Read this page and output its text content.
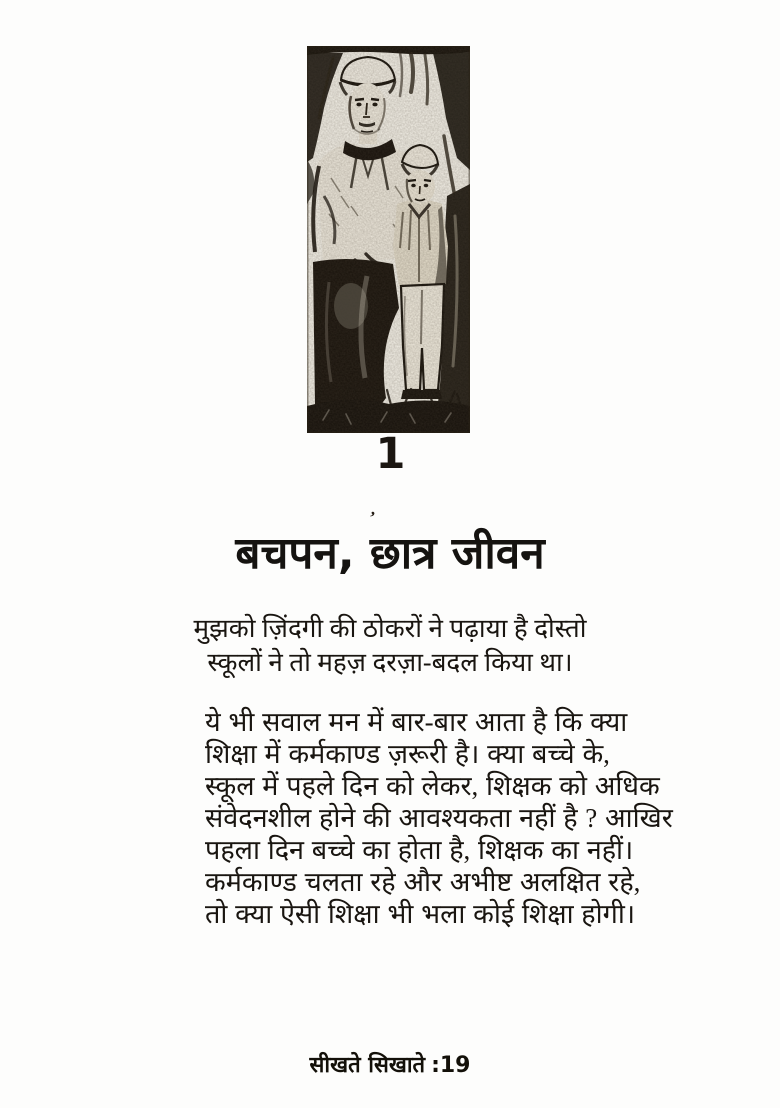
1
’
बचपन, छात्र जीवन
मुझको ज़िंदगी की ठोकरों ने पढ़ाया है दोस्तो
स्कूलों ने तो महज़ दरज़ा-बदल किया था।
ये भी सवाल मन में बार-बार आता है कि क्या
शिक्षा में कर्मकाण्ड ज़रूरी है। क्या बच्चे के,
स्कूल में पहले दिन को लेकर, शिक्षक को अधिक
संवेदनशील होने की आवश्यकता नहीं है ? आखिर
पहला दिन बच्चे का होता है, शिक्षक का नहीं।
कर्मकाण्ड चलता रहे और अभीष्ट अलक्षित रहे,
तो क्या ऐसी शिक्षा भी भला कोई शिक्षा होगी।
सीखते सिखाते :19
